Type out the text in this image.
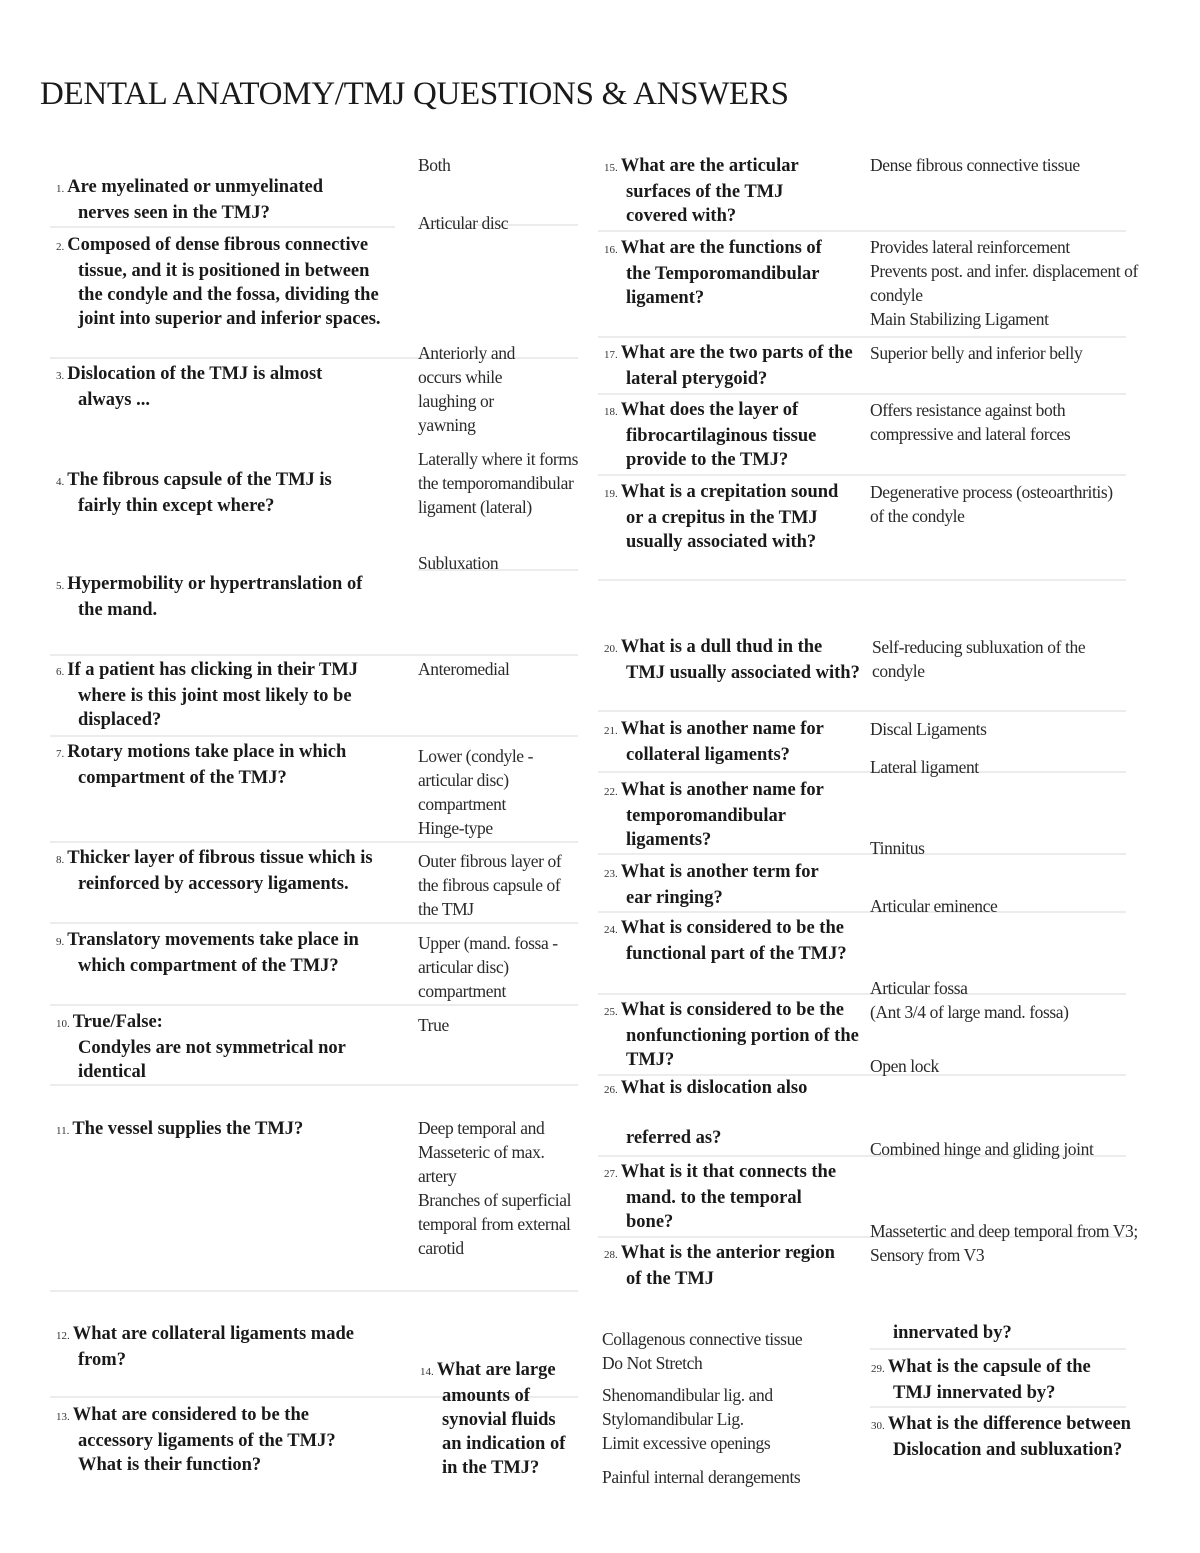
DENTAL ANATOMY/TMJ QUESTIONS & ANSWERS
1. Are myelinated or unmyelinated nerves seen in the TMJ?
Both
2. Composed of dense fibrous connective tissue, and it is positioned in between the condyle and the fossa, dividing the joint into superior and inferior spaces.
Articular disc
3. Dislocation of the TMJ is almost always ...
Anteriorly and occurs while laughing or yawning
4. The fibrous capsule of the TMJ is fairly thin except where?
Laterally where it forms the temporomandibular ligament (lateral)
5. Hypermobility or hypertranslation of the mand.
Subluxation
6. If a patient has clicking in their TMJ where is this joint most likely to be displaced?
Anteromedial
7. Rotary motions take place in which compartment of the TMJ?
Lower (condyle - articular disc) compartment
Hinge-type
8. Thicker layer of fibrous tissue which is reinforced by accessory ligaments.
Outer fibrous layer of the fibrous capsule of the TMJ
9. Translatory movements take place in which compartment of the TMJ?
Upper (mand. fossa - articular disc) compartment
10. True/False:
Condyles are not symmetrical nor identical
True
11. The vessel supplies the TMJ?	Deep temporal and Masseteric of max. artery
Branches of superficial temporal from external carotid
12. What are collateral ligaments made from?
13. What are considered to be the accessory ligaments of the TMJ? What is their function?
14. What are large amounts of synovial fluids an indication of in the TMJ?
Collagenous connective tissue
Do Not Stretch
Shenomandibular lig. and Stylomandibular Lig.
Limit excessive openings
Painful internal derangements
15. What are the articular surfaces of the TMJ covered with?
Dense fibrous connective tissue
16. What are the functions of the Temporomandibular ligament?
Provides lateral reinforcement
Prevents post. and infer. displacement of condyle
Main Stabilizing Ligament
17. What are the two parts of the lateral pterygoid?
Superior belly and inferior belly
18. What does the layer of fibrocartilaginous tissue provide to the TMJ?
Offers resistance against both compressive and lateral forces
19. What is a crepitation sound or a crepitus in the TMJ usually associated with?
Degenerative process (osteoarthritis) of the condyle
20. What is a dull thud in the TMJ usually associated with?
Self-reducing subluxation of the condyle
21. What is another name for collateral ligaments?
Discal Ligaments
22. What is another name for temporomandibular ligaments?
Lateral ligament
23. What is another term for ear ringing?
Tinnitus
24. What is considered to be the functional part of the TMJ?
Articular eminence
25. What is considered to be the nonfunctioning portion of the TMJ?
Articular fossa
(Ant 3/4 of large mand. fossa)
26. What is dislocation also
referred as?
Open lock
27. What is it that connects the mand. to the temporal bone?
Combined hinge and gliding joint
28. What is the anterior region of the TMJ
Massetertic and deep temporal from V3; Sensory from V3
innervated by?
29. What is the capsule of the TMJ innervated by?
30. What is the difference between Dislocation and subluxation?
